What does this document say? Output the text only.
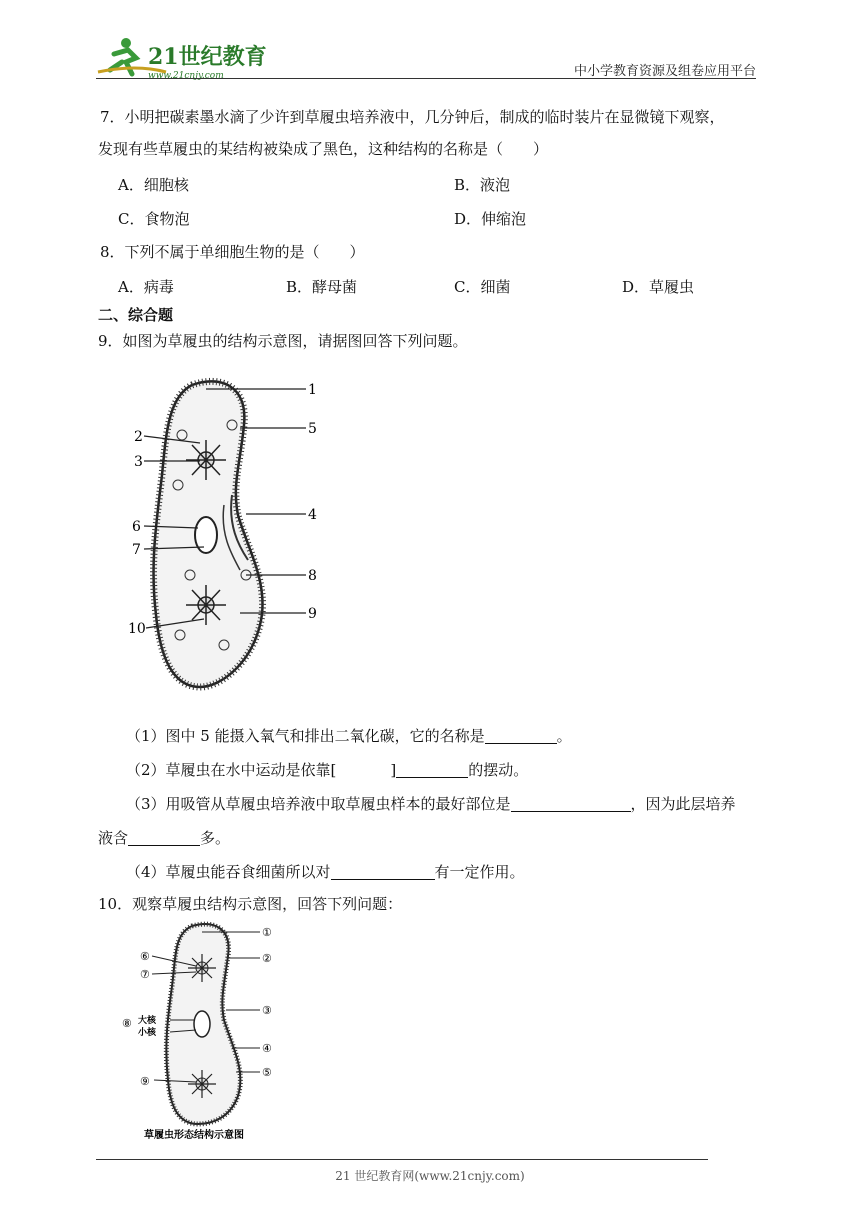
21世纪教育
www.21cnjy.com	中小学教育资源及组卷应用平台
7．小明把碳素墨水滴了少许到草履虫培养液中，几分钟后，制成的临时装片在显微镜下观察，
发现有些草履虫的某结构被染成了黑色，这种结构的名称是（　　）
A．细胞核	B．液泡
C．食物泡	D．伸缩泡
8．下列不属于单细胞生物的是（　　）
A．病毒	B．酵母菌	C．细菌	D．草履虫
二、综合题
9．如图为草履虫的结构示意图，请据图回答下列问题。
1
2
3
4
5
6
7
8
9
10
（1）图中 5 能摄入氧气和排出二氧化碳，它的名称是	。
（2）草履虫在水中运动是依靠[	]	的摆动。
（3）用吸管从草履虫培养液中取草履虫样本的最好部位是	，因为此层培养
液含	多。
（4）草履虫能吞食细菌所以对	有一定作用。
10．观察草履虫结构示意图，回答下列问题：
①
②
③
④
⑤
⑥
⑦
⑧
⑨
大核
小核
草履虫形态结构示意图
21 世纪教育网(www.21cnjy.com)
